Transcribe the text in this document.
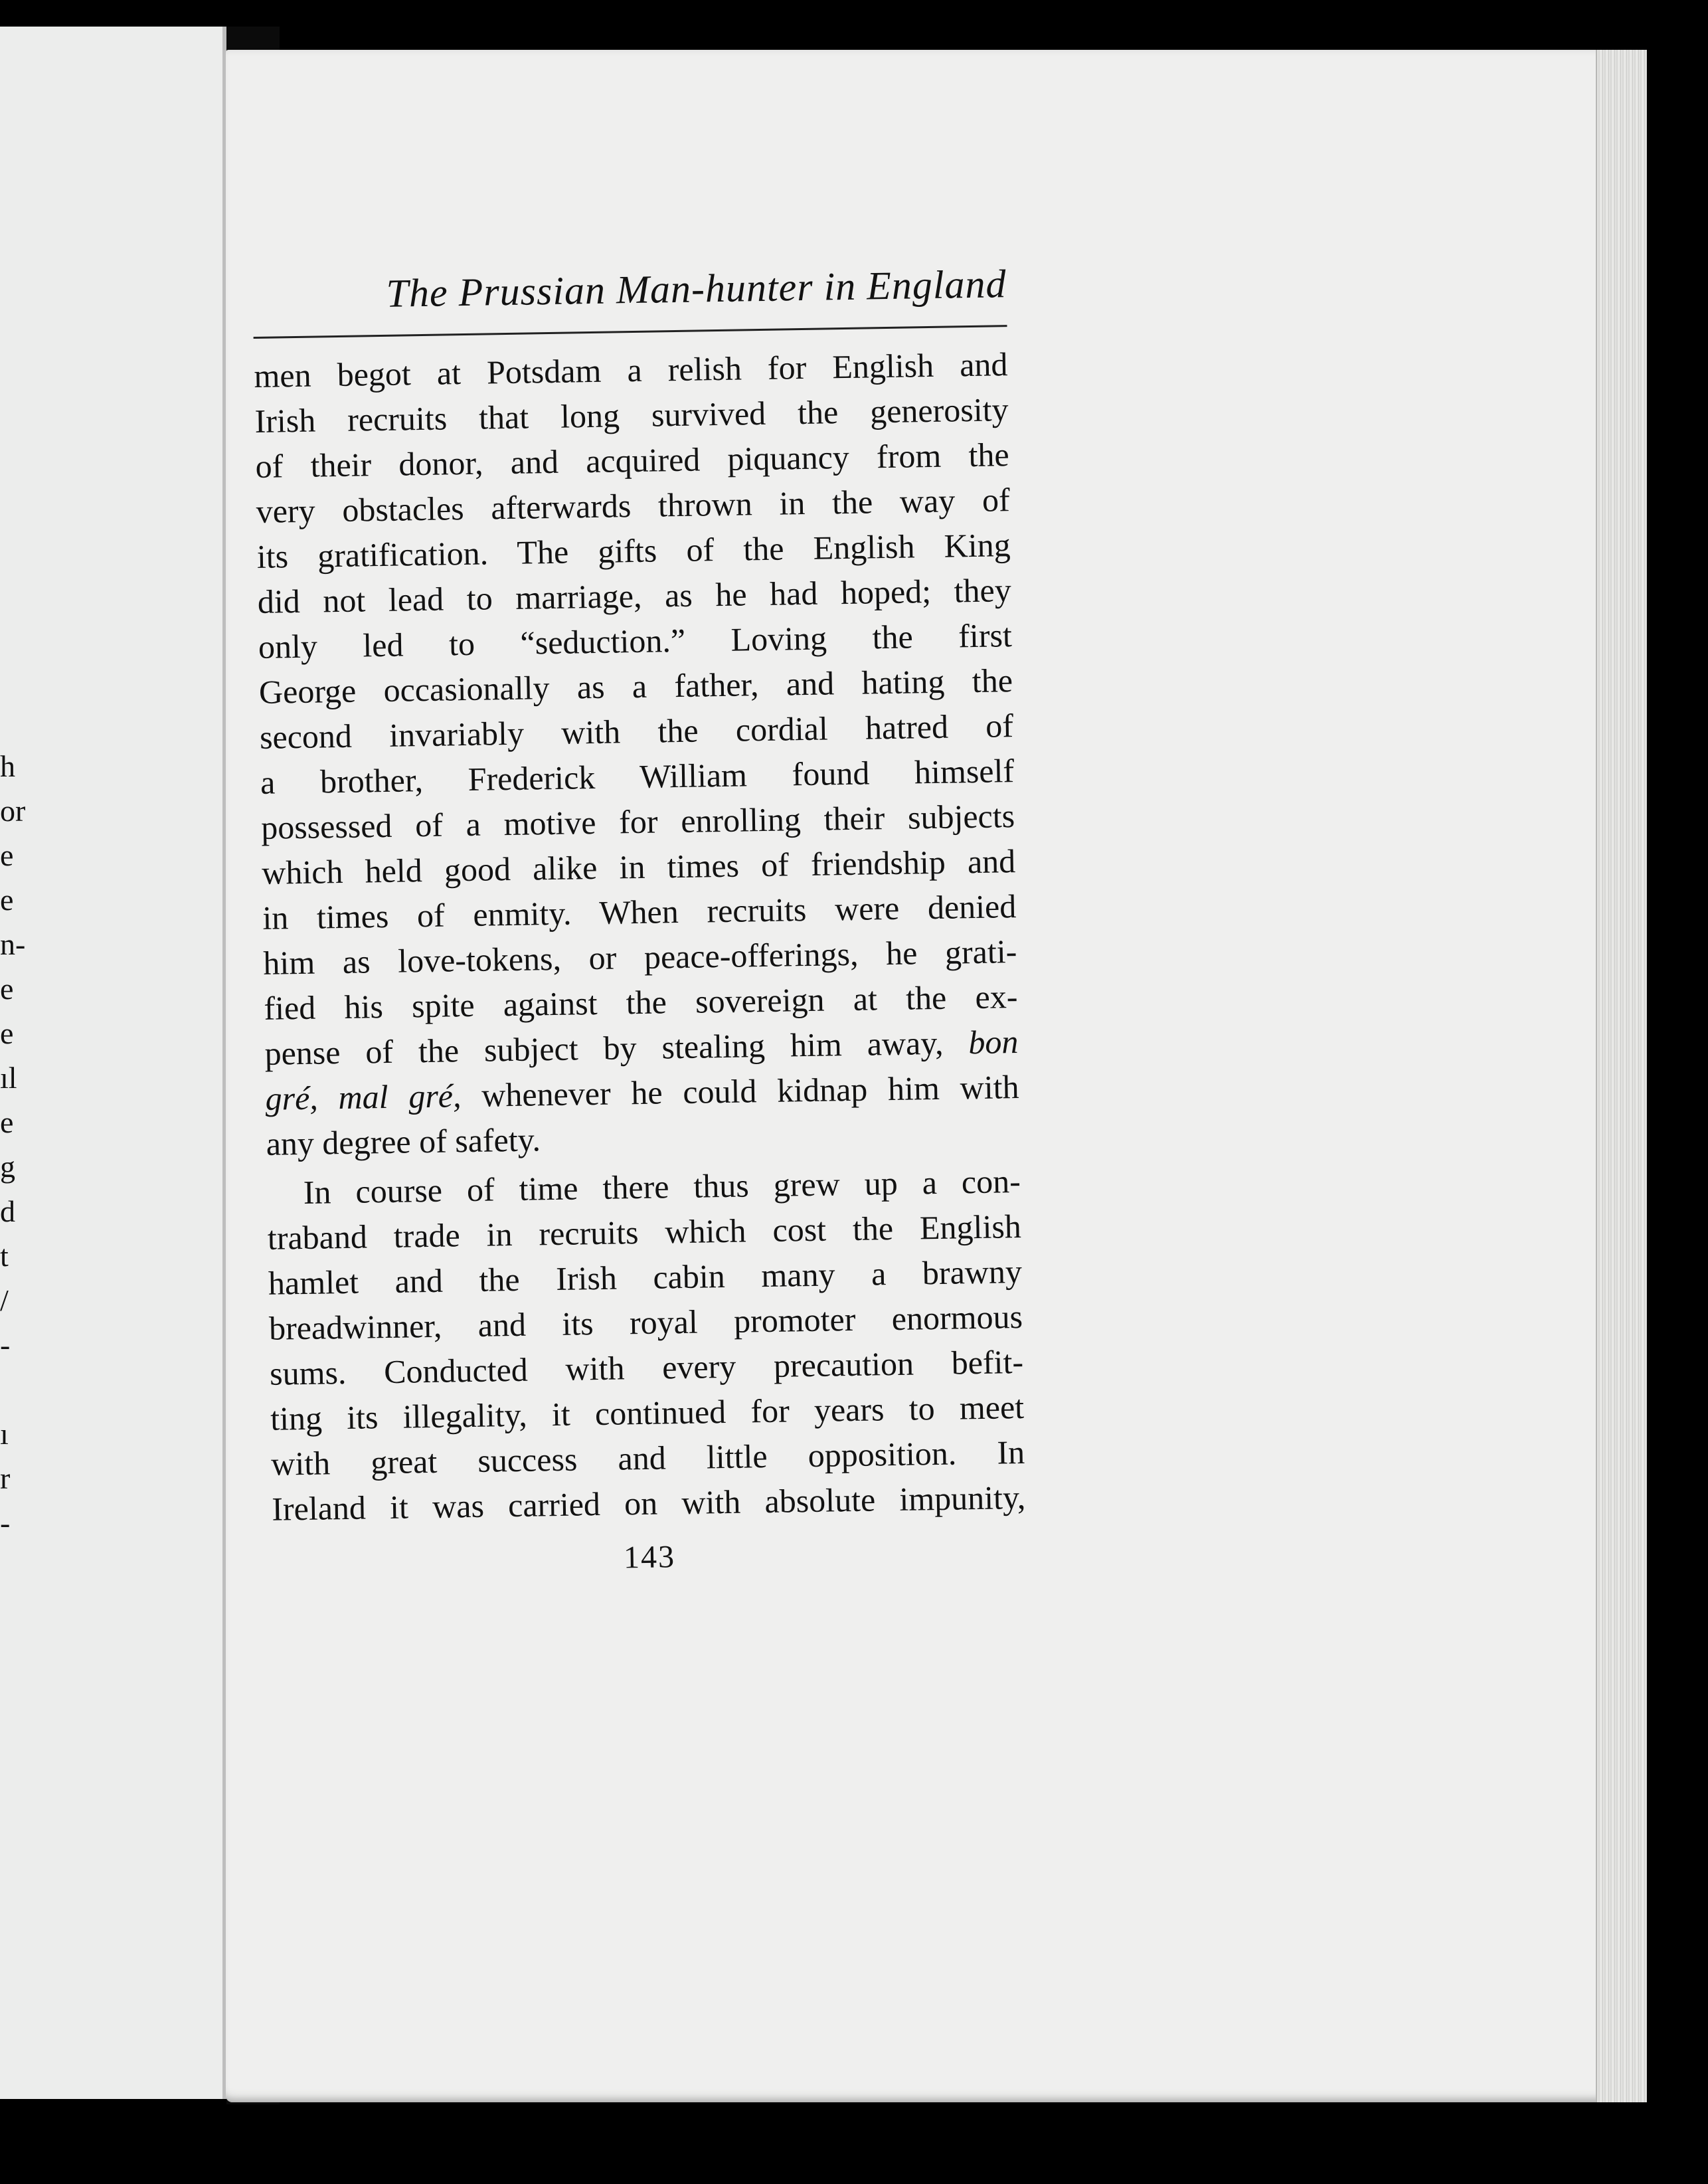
h
or
e
e
n-
e
e
ıl
e
g
d
t
/
-

ı
r
-
The Prussian Man-hunter in England

men begot at Potsdam a relish for English and
Irish recruits that long survived the generosity
of their donor, and acquired piquancy from the
very obstacles afterwards thrown in the way of
its gratification. The gifts of the English King
did not lead to marriage, as he had hoped; they
only led to “seduction.” Loving the first
George occasionally as a father, and hating the
second invariably with the cordial hatred of
a brother, Frederick William found himself
possessed of a motive for enrolling their subjects
which held good alike in times of friendship and
in times of enmity. When recruits were denied
him as love-tokens, or peace-offerings, he grati-
fied his spite against the sovereign at the ex-
pense of the subject by stealing him away, bon
gré, mal gré, whenever he could kidnap him with
any degree of safety.

In course of time there thus grew up a con-
traband trade in recruits which cost the English
hamlet and the Irish cabin many a brawny
breadwinner, and its royal promoter enormous
sums. Conducted with every precaution befit-
ting its illegality, it continued for years to meet
with great success and little opposition. In
Ireland it was carried on with absolute impunity,

143
